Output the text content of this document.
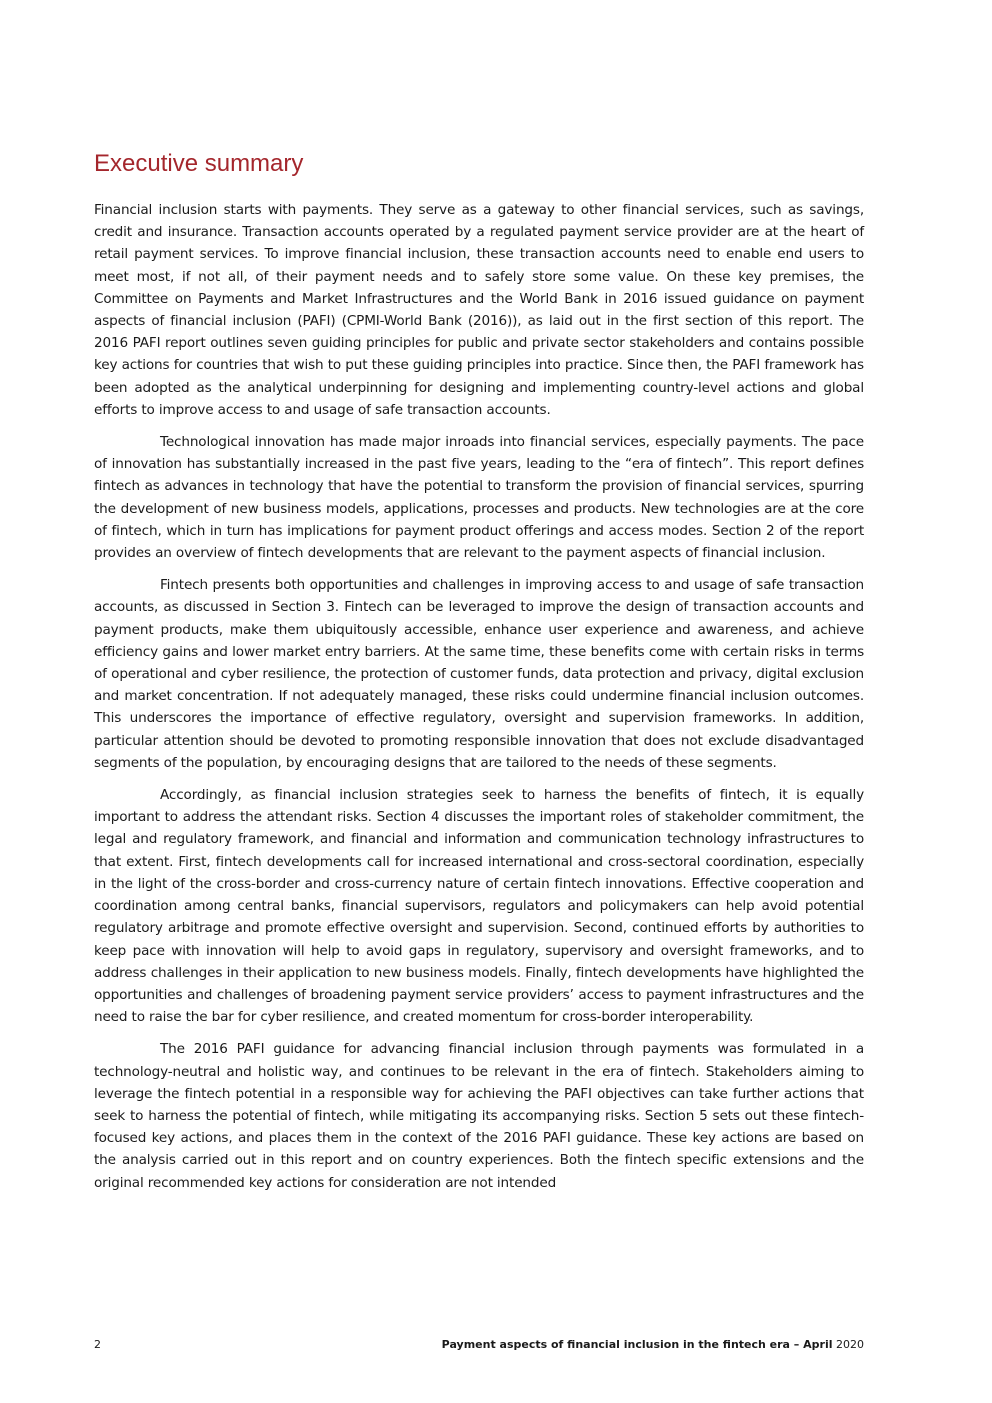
Executive summary

Financial inclusion starts with payments. They serve as a gateway to other financial services, such as savings, credit and insurance. Transaction accounts operated by a regulated payment service provider are at the heart of retail payment services. To improve financial inclusion, these transaction accounts need to enable end users to meet most, if not all, of their payment needs and to safely store some value. On these key premises, the Committee on Payments and Market Infrastructures and the World Bank in 2016 issued guidance on payment aspects of financial inclusion (PAFI) (CPMI-World Bank (2016)), as laid out in the first section of this report. The 2016 PAFI report outlines seven guiding principles for public and private sector stakeholders and contains possible key actions for countries that wish to put these guiding principles into practice. Since then, the PAFI framework has been adopted as the analytical underpinning for designing and implementing country-level actions and global efforts to improve access to and usage of safe transaction accounts.

Technological innovation has made major inroads into financial services, especially payments. The pace of innovation has substantially increased in the past five years, leading to the “era of fintech”. This report defines fintech as advances in technology that have the potential to transform the provision of financial services, spurring the development of new business models, applications, processes and products. New technologies are at the core of fintech, which in turn has implications for payment product offerings and access modes. Section 2 of the report provides an overview of fintech developments that are relevant to the payment aspects of financial inclusion.

Fintech presents both opportunities and challenges in improving access to and usage of safe transaction accounts, as discussed in Section 3. Fintech can be leveraged to improve the design of transaction accounts and payment products, make them ubiquitously accessible, enhance user experience and awareness, and achieve efficiency gains and lower market entry barriers. At the same time, these benefits come with certain risks in terms of operational and cyber resilience, the protection of customer funds, data protection and privacy, digital exclusion and market concentration. If not adequately managed, these risks could undermine financial inclusion outcomes. This underscores the importance of effective regulatory, oversight and supervision frameworks. In addition, particular attention should be devoted to promoting responsible innovation that does not exclude disadvantaged segments of the population, by encouraging designs that are tailored to the needs of these segments.

Accordingly, as financial inclusion strategies seek to harness the benefits of fintech, it is equally important to address the attendant risks. Section 4 discusses the important roles of stakeholder commitment, the legal and regulatory framework, and financial and information and communication technology infrastructures to that extent. First, fintech developments call for increased international and cross-sectoral coordination, especially in the light of the cross-border and cross-currency nature of certain fintech innovations. Effective cooperation and coordination among central banks, financial supervisors, regulators and policymakers can help avoid potential regulatory arbitrage and promote effective oversight and supervision. Second, continued efforts by authorities to keep pace with innovation will help to avoid gaps in regulatory, supervisory and oversight frameworks, and to address challenges in their application to new business models. Finally, fintech developments have highlighted the opportunities and challenges of broadening payment service providers’ access to payment infrastructures and the need to raise the bar for cyber resilience, and created momentum for cross-border interoperability.

The 2016 PAFI guidance for advancing financial inclusion through payments was formulated in a technology-neutral and holistic way, and continues to be relevant in the era of fintech. Stakeholders aiming to leverage the fintech potential in a responsible way for achieving the PAFI objectives can take further actions that seek to harness the potential of fintech, while mitigating its accompanying risks. Section 5 sets out these fintech-focused key actions, and places them in the context of the 2016 PAFI guidance. These key actions are based on the analysis carried out in this report and on country experiences. Both the fintech specific extensions and the original recommended key actions for consideration are not intended

2	Payment aspects of financial inclusion in the fintech era – April 2020
